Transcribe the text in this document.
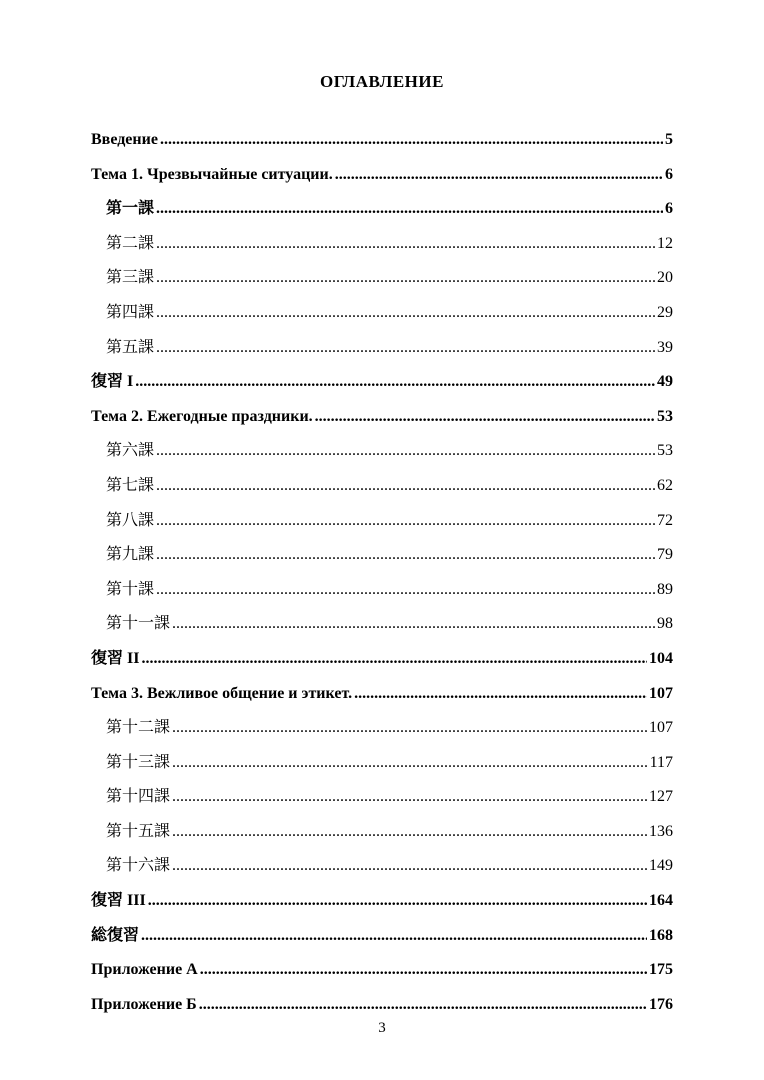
ОГЛАВЛЕНИЕ
Введение .....	5
Тема 1. Чрезвычайные ситуации. .....	6
第一課 .....	6
第二課 .....	12
第三課 .....	20
第四課 .....	29
第五課 .....	39
復習 I .....	49
Тема 2. Ежегодные праздники. .....	53
第六課 .....	53
第七課 .....	62
第八課 .....	72
第九課 .....	79
第十課 .....	89
第十一課 .....	98
復習 II .....	104
Тема 3. Вежливое общение и этикет. .....	107
第十二課 .....	107
第十三課 .....	117
第十四課 .....	127
第十五課 .....	136
第十六課 .....	149
復習 III .....	164
総復習 .....	168
Приложение А .....	175
Приложение Б .....	176
3
